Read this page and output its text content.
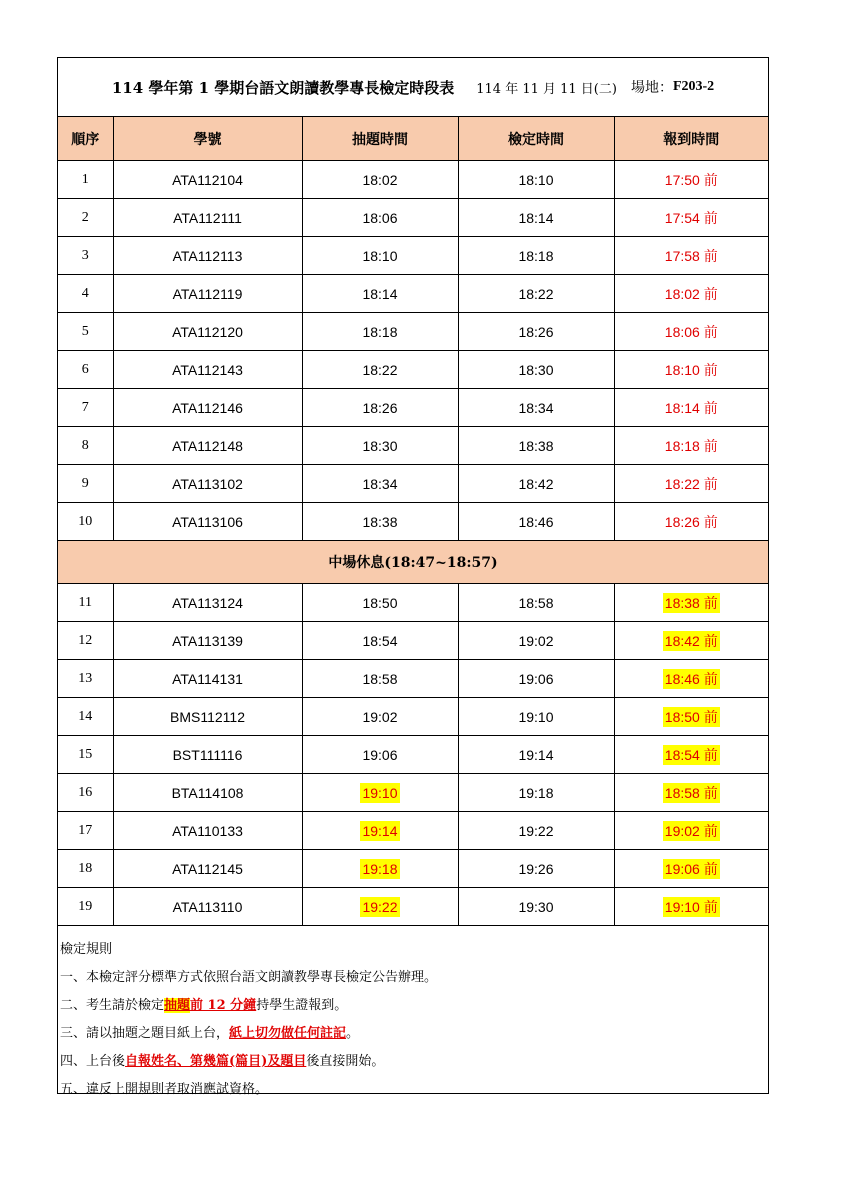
114 學年第 1 學期台語文朗讀教學專長檢定時段表 114 年 11 月 11 日(二) 場地： F203-2
順序	學號	抽題時間	檢定時間	報到時間
1	ATA112104	18:02	18:10	17:50 前
2	ATA112111	18:06	18:14	17:54 前
3	ATA112113	18:10	18:18	17:58 前
4	ATA112119	18:14	18:22	18:02 前
5	ATA112120	18:18	18:26	18:06 前
6	ATA112143	18:22	18:30	18:10 前
7	ATA112146	18:26	18:34	18:14 前
8	ATA112148	18:30	18:38	18:18 前
9	ATA113102	18:34	18:42	18:22 前
10	ATA113106	18:38	18:46	18:26 前
中場休息(18:47~18:57)				
11	ATA113124	18:50	18:58	18:38 前
12	ATA113139	18:54	19:02	18:42 前
13	ATA114131	18:58	19:06	18:46 前
14	BMS112112	19:02	19:10	18:50 前
15	BST111116	19:06	19:14	18:54 前
16	BTA114108	19:10	19:18	18:58 前
17	ATA110133	19:14	19:22	19:02 前
18	ATA112145	19:18	19:26	19:06 前
19	ATA113110	19:22	19:30	19:10 前
檢定規則
一、本檢定評分標準方式依照台語文朗讀教學專長檢定公告辦理。
二、考生請於檢定抽題前 12 分鐘持學生證報到。
三、請以抽題之題目紙上台，紙上切勿做任何註記。
四、上台後自報姓名、第幾篇(篇目)及題目後直接開始。
五、違反上開規則者取消應試資格。
